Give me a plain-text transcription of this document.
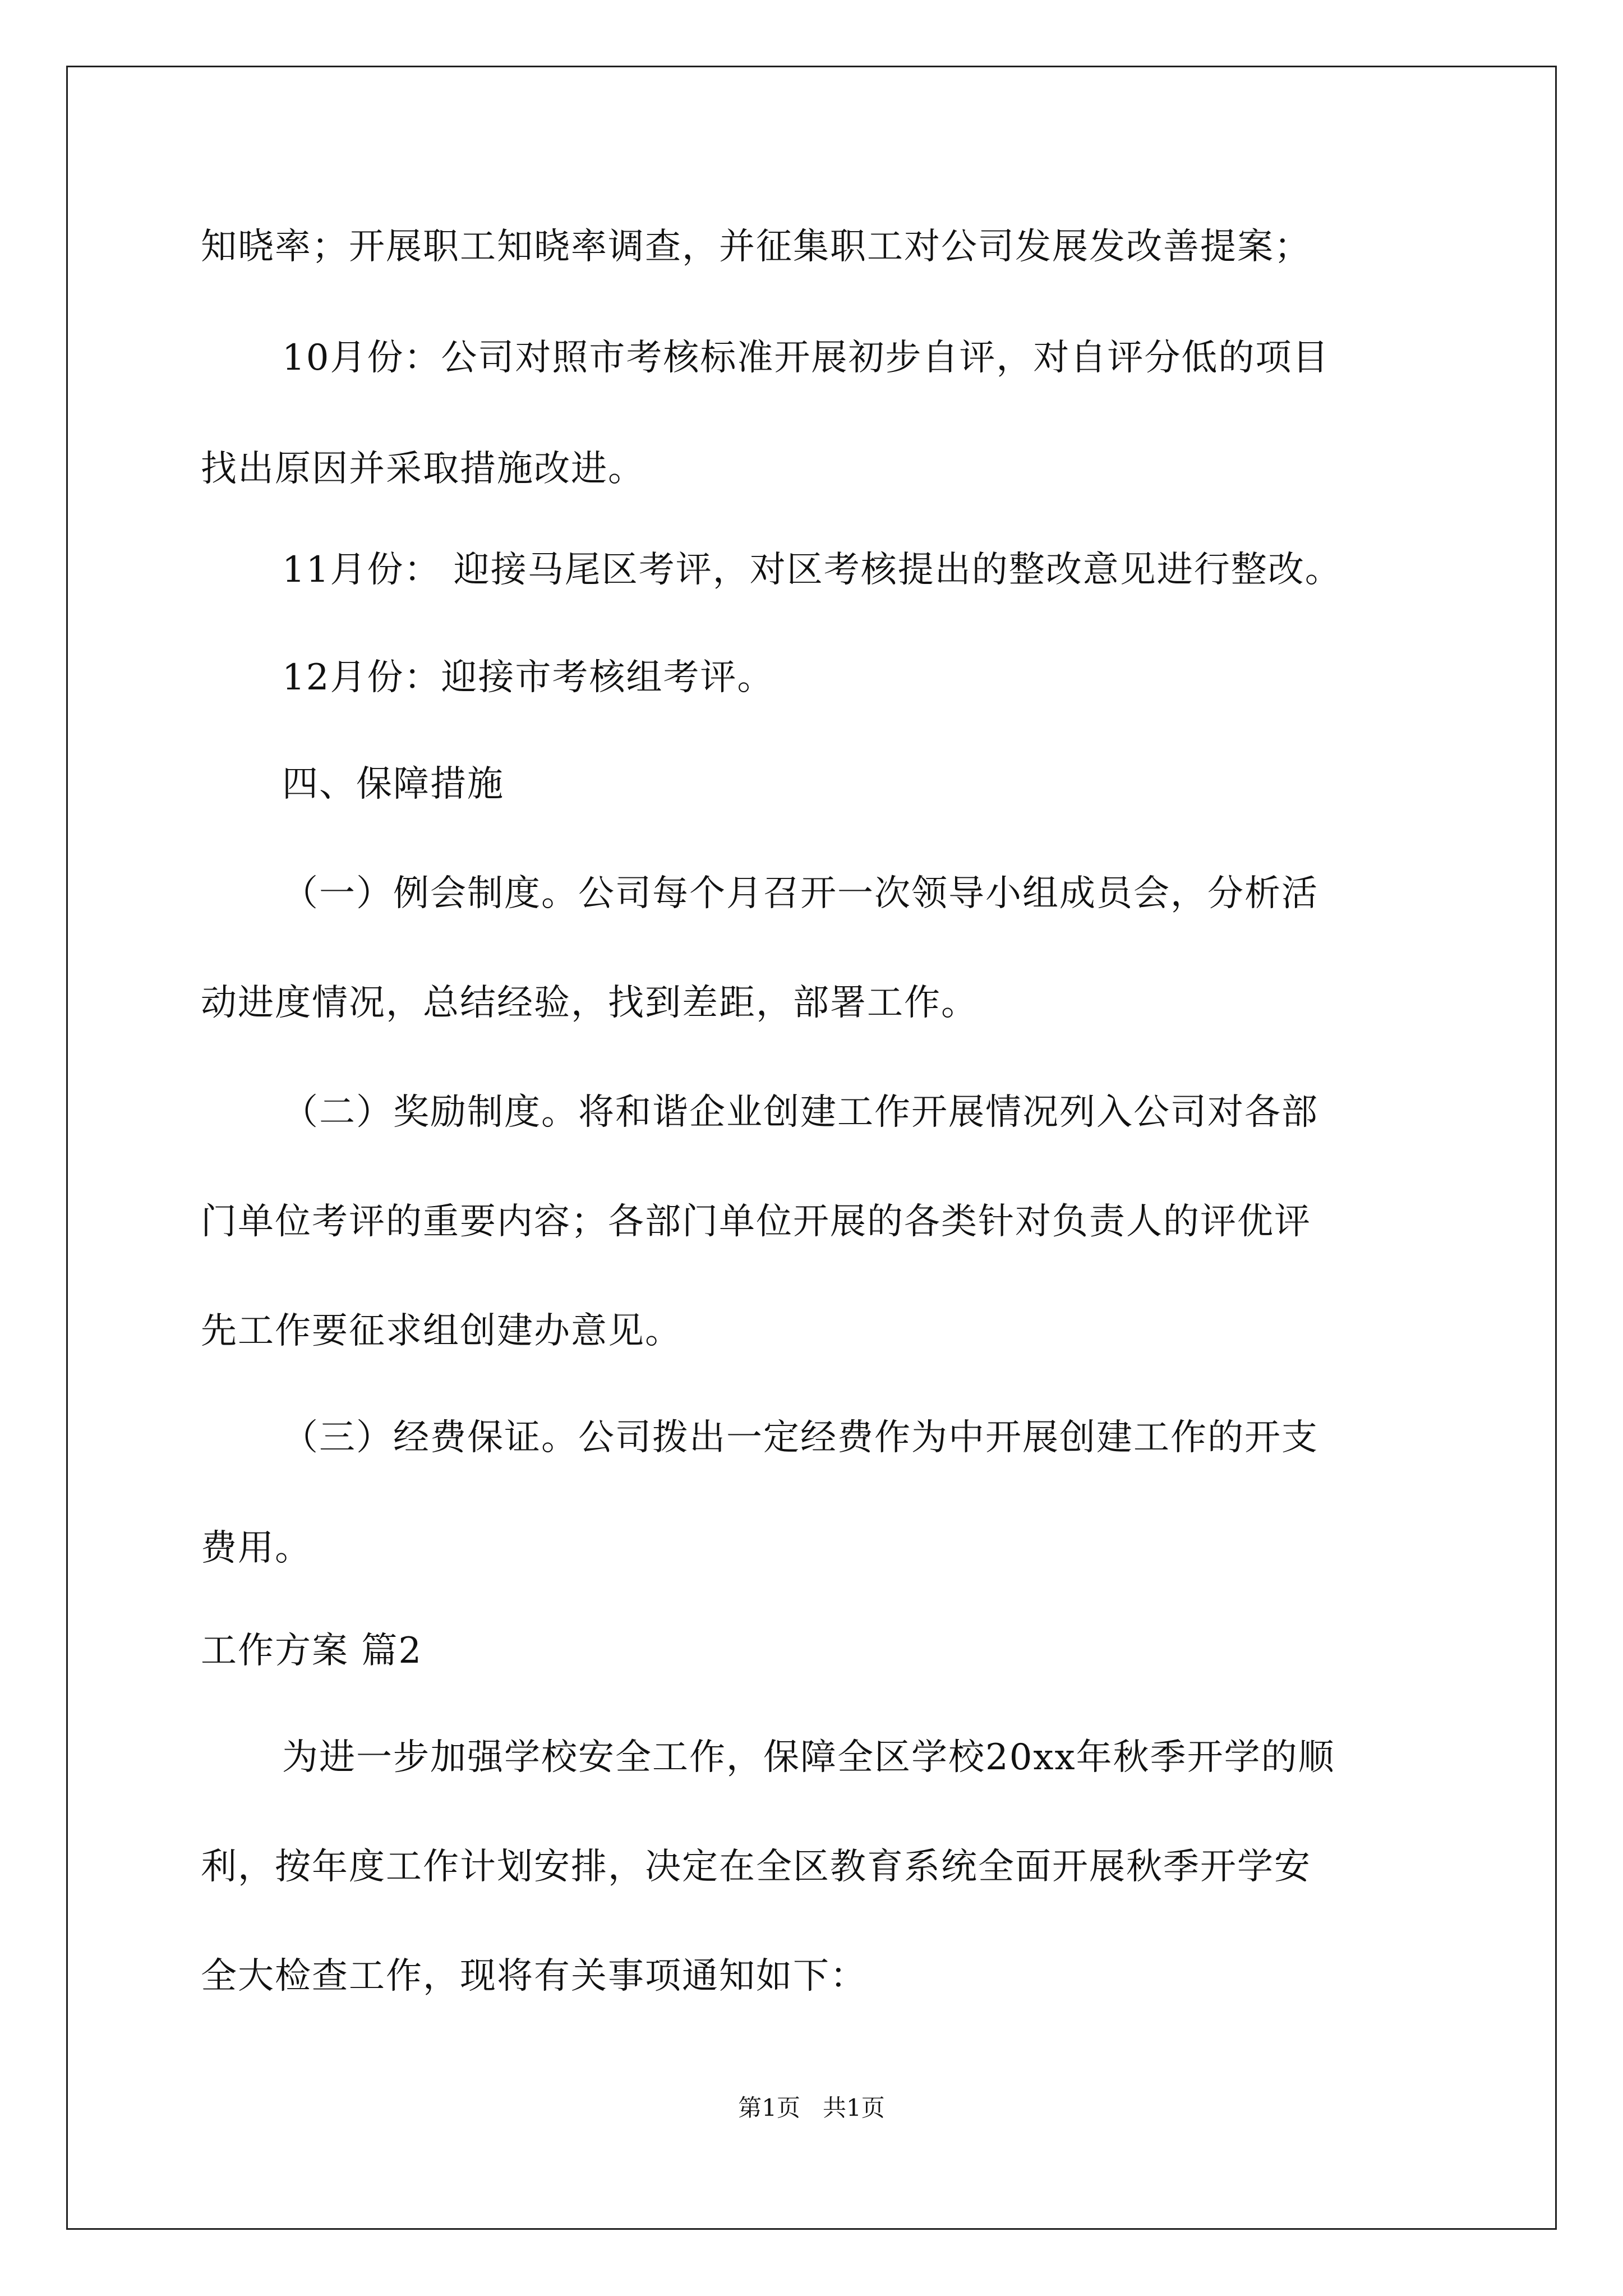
知晓率；开展职工知晓率调查，并征集职工对公司发展发改善提案；
10月份：公司对照市考核标准开展初步自评，对自评分低的项目
找出原因并采取措施改进。
11月份： 迎接马尾区考评，对区考核提出的整改意见进行整改。
12月份：迎接市考核组考评。
四、保障措施
（一）例会制度。公司每个月召开一次领导小组成员会，分析活
动进度情况，总结经验，找到差距，部署工作。
（二）奖励制度。将和谐企业创建工作开展情况列入公司对各部
门单位考评的重要内容；各部门单位开展的各类针对负责人的评优评
先工作要征求组创建办意见。
（三）经费保证。公司拨出一定经费作为中开展创建工作的开支
费用。
工作方案 篇2
为进一步加强学校安全工作，保障全区学校20xx年秋季开学的顺
利，按年度工作计划安排，决定在全区教育系统全面开展秋季开学安
全大检查工作，现将有关事项通知如下：
第1页   共1页
